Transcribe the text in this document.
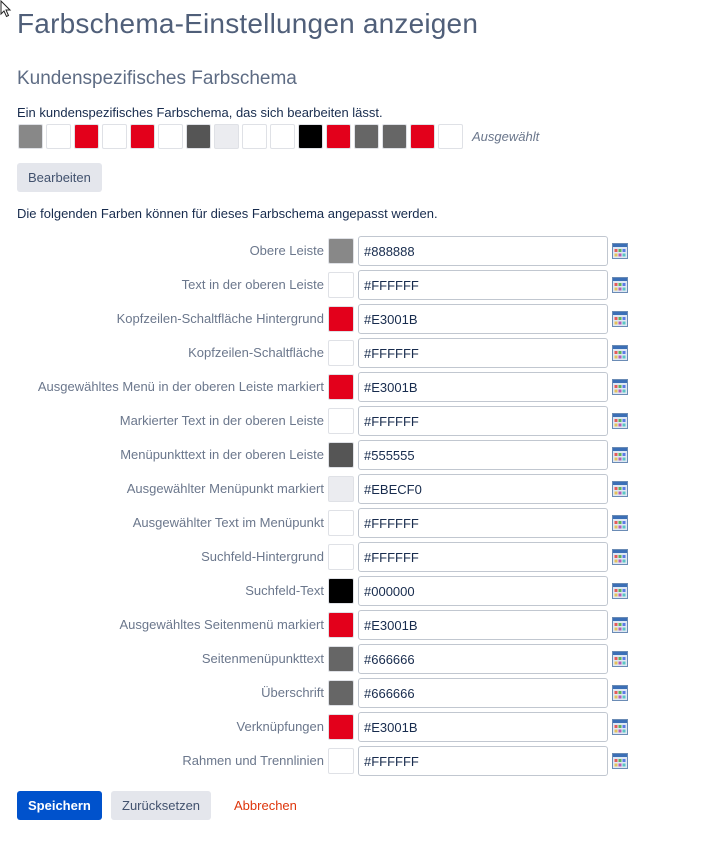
Farbschema-Einstellungen anzeigen
Kundenspezifisches Farbschema
Ein kundenspezifisches Farbschema, das sich bearbeiten lässt.
Ausgewählt
Bearbeiten
Die folgenden Farben können für dieses Farbschema angepasst werden.
Obere Leiste
#888888
Text in der oberen Leiste
#FFFFFF
Kopfzeilen-Schaltfläche Hintergrund
#E3001B
Kopfzeilen-Schaltfläche
#FFFFFF
Ausgewähltes Menü in der oberen Leiste markiert
#E3001B
Markierter Text in der oberen Leiste
#FFFFFF
Menüpunkttext in der oberen Leiste
#555555
Ausgewählter Menüpunkt markiert
#EBECF0
Ausgewählter Text im Menüpunkt
#FFFFFF
Suchfeld-Hintergrund
#FFFFFF
Suchfeld-Text
#000000
Ausgewähltes Seitenmenü markiert
#E3001B
Seitenmenüpunkttext
#666666
Überschrift
#666666
Verknüpfungen
#E3001B
Rahmen und Trennlinien
#FFFFFF
Speichern	Zurücksetzen	Abbrechen
